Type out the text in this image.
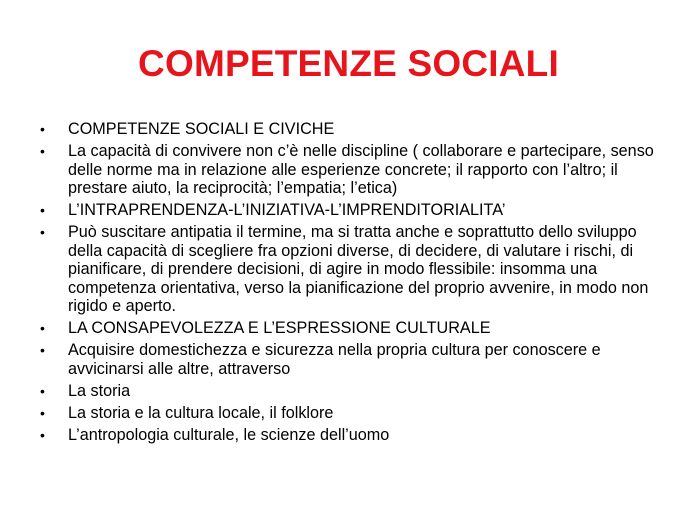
COMPETENZE SOCIALI
• COMPETENZE SOCIALI E CIVICHE
• La capacità di convivere non c’è nelle discipline ( collaborare e partecipare, senso delle norme ma in relazione alle esperienze concrete; il rapporto con l’altro; il prestare aiuto, la reciprocità; l’empatia; l’etica)
• L’INTRAPRENDENZA-L’INIZIATIVA-L’IMPRENDITORIALITA’
• Può suscitare antipatia il termine, ma si tratta anche e soprattutto dello sviluppo della capacità di scegliere fra opzioni diverse, di decidere, di valutare i rischi, di pianificare, di prendere decisioni, di agire in modo flessibile: insomma una competenza orientativa, verso la pianificazione del proprio avvenire, in modo non rigido e aperto.
• LA CONSAPEVOLEZZA E L’ESPRESSIONE CULTURALE
• Acquisire domestichezza e sicurezza nella propria cultura per conoscere e avvicinarsi alle altre, attraverso
• La storia
• La storia e la cultura locale, il folklore
• L’antropologia culturale, le scienze dell’uomo
